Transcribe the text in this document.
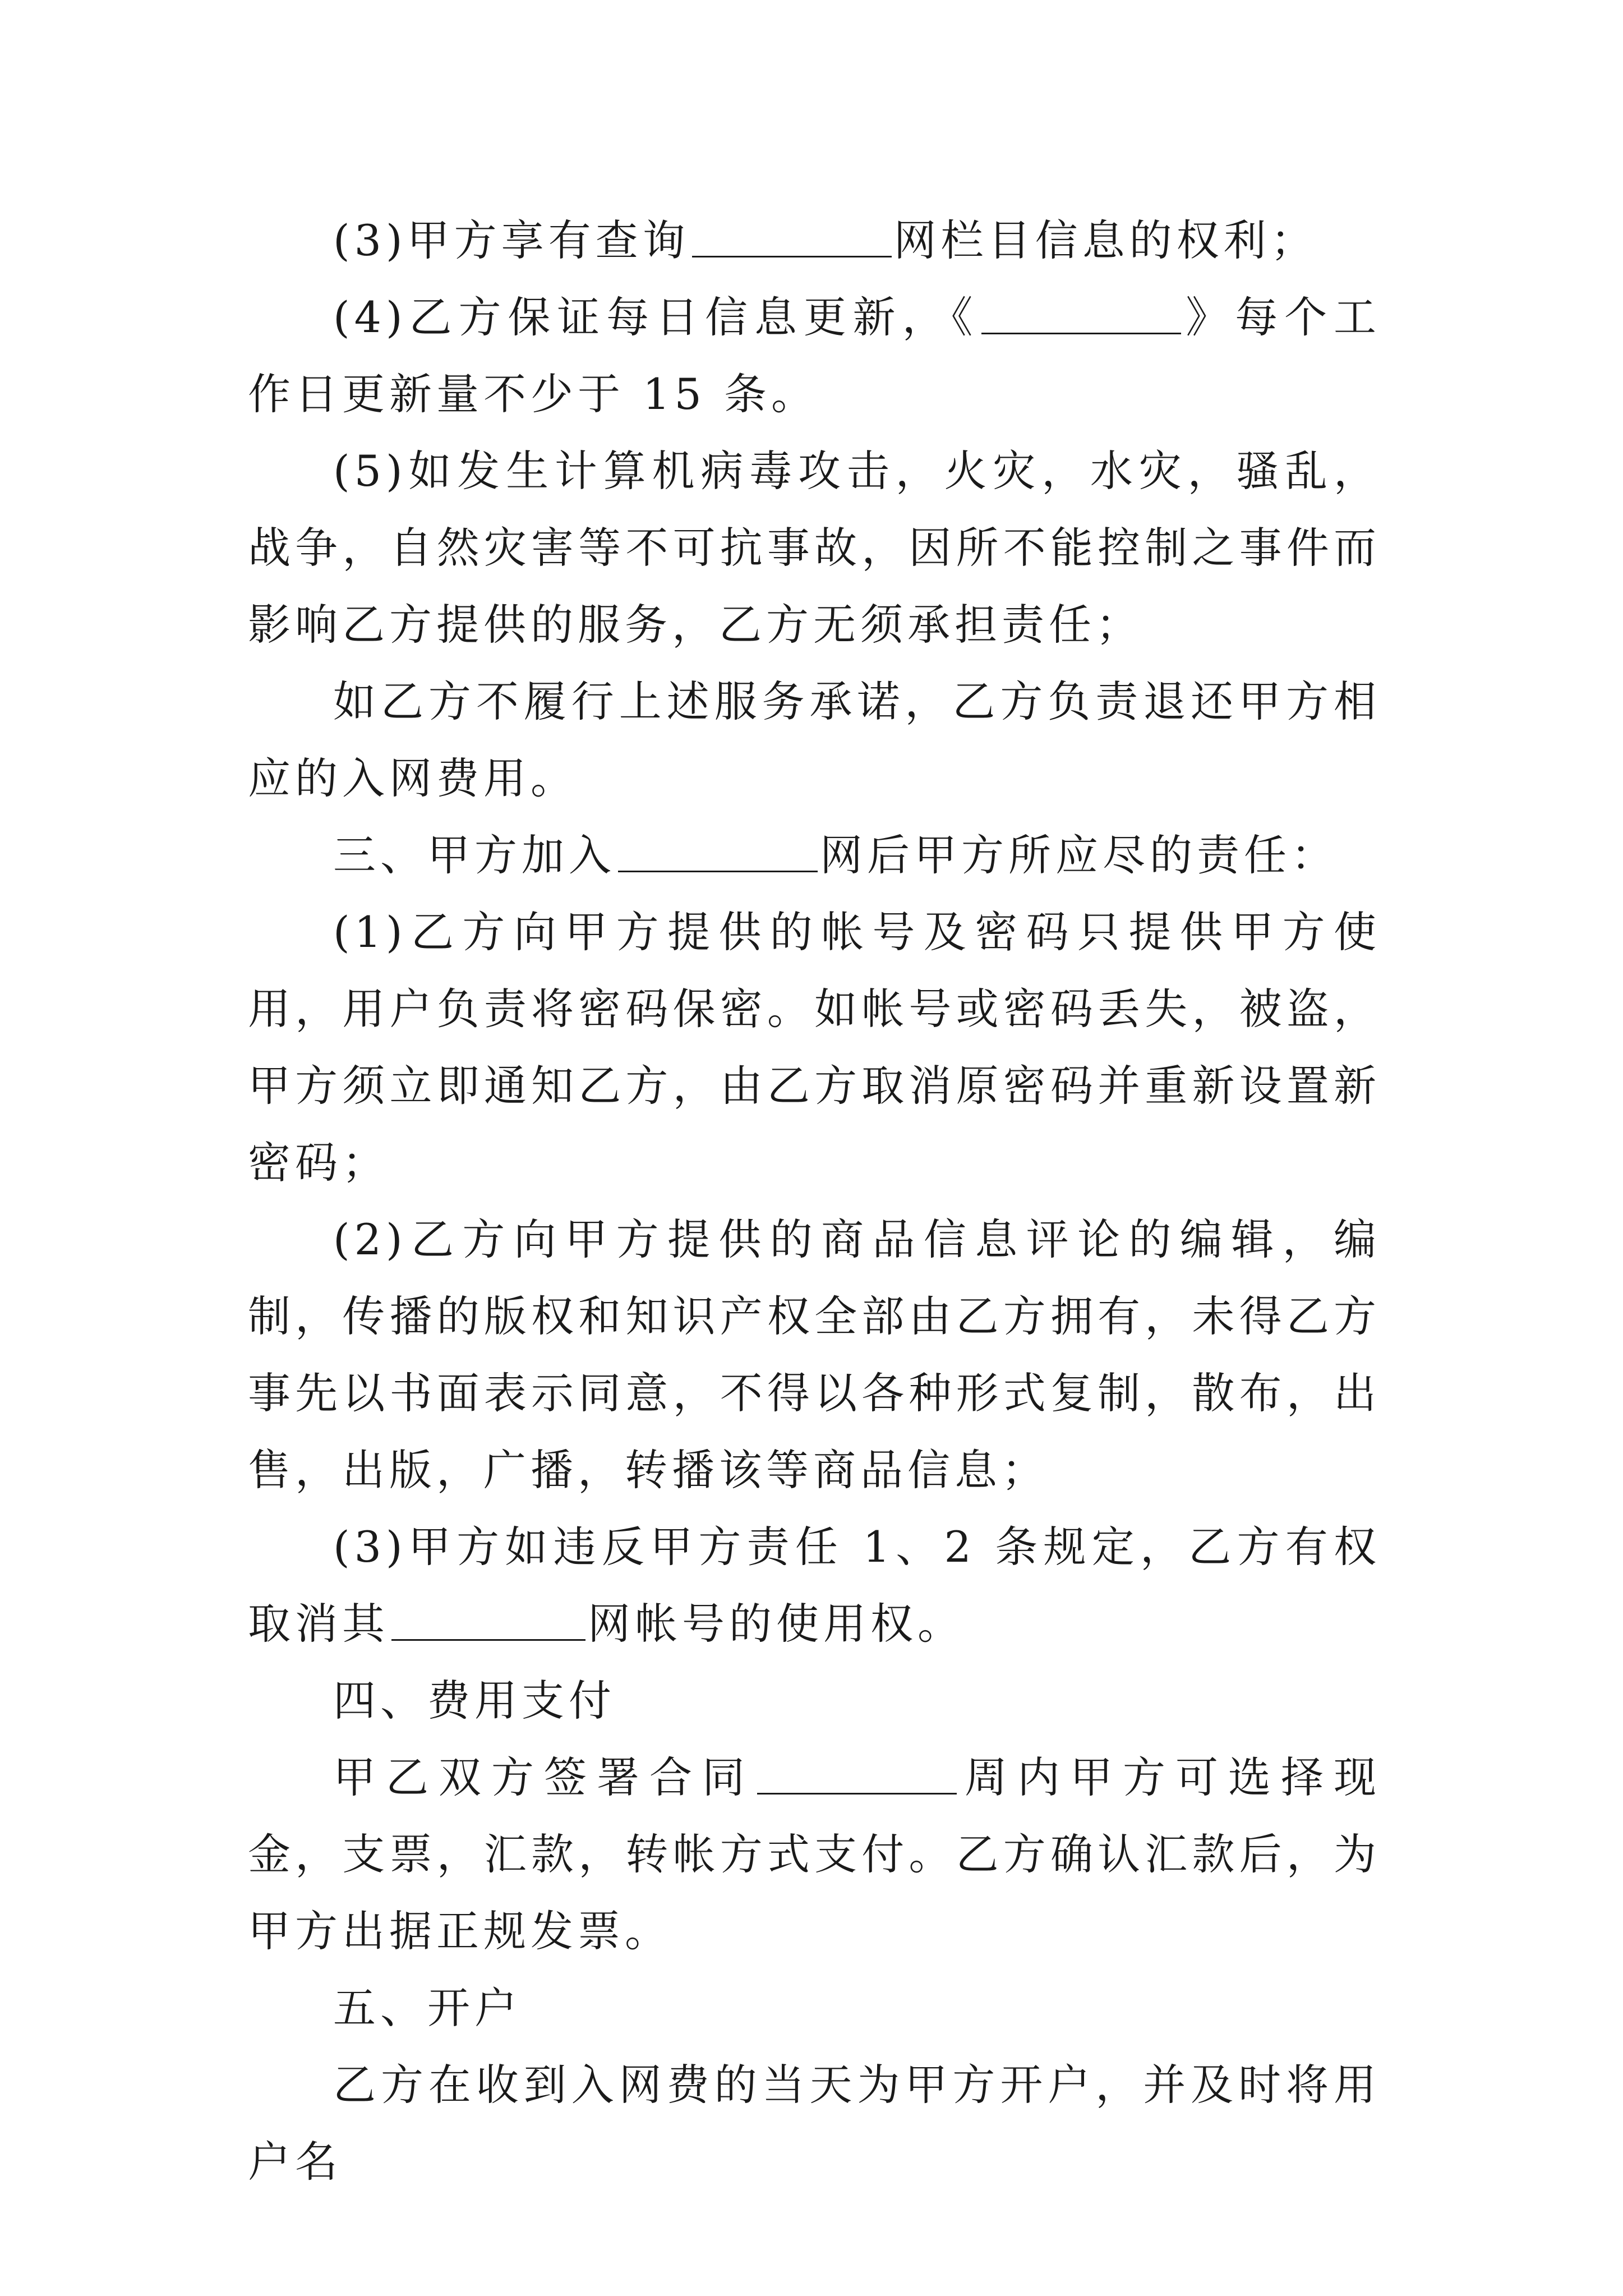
(3)甲方享有查询	网栏目信息的权利；

(4)乙方保证每日信息更新，《	》每个工作日更新量不少于 15 条。

(5)如发生计算机病毒攻击，火灾，水灾，骚乱，战争，自然灾害等不可抗事故，因所不能控制之事件而影响乙方提供的服务，乙方无须承担责任；

如乙方不履行上述服务承诺，乙方负责退还甲方相应的入网费用。

三、甲方加入	网后甲方所应尽的责任：

(1)乙方向甲方提供的帐号及密码只提供甲方使用，用户负责将密码保密。如帐号或密码丢失，被盗，甲方须立即通知乙方，由乙方取消原密码并重新设置新密码；

(2)乙方向甲方提供的商品信息评论的编辑，编制，传播的版权和知识产权全部由乙方拥有，未得乙方事先以书面表示同意，不得以各种形式复制，散布，出售，出版，广播，转播该等商品信息；

(3)甲方如违反甲方责任 1、2 条规定，乙方有权取消其	网帐号的使用权。

四、费用支付

甲乙双方签署合同	周内甲方可选择现金，支票，汇款，转帐方式支付。乙方确认汇款后，为甲方出据正规发票。

五、开户

乙方在收到入网费的当天为甲方开户，并及时将用户名
